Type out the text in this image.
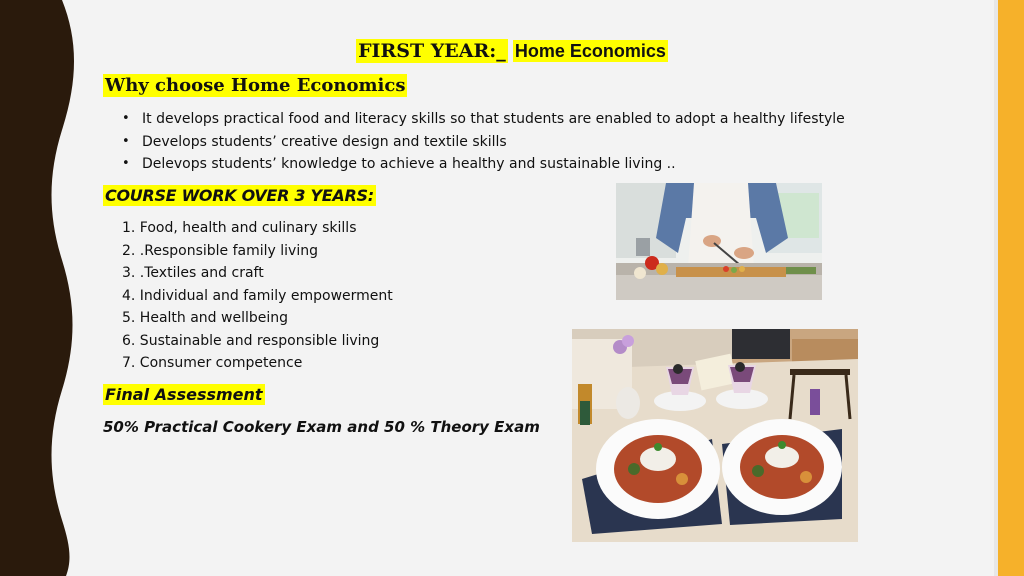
FIRST YEAR:_ Home Economics
Why choose Home Economics
• It develops practical food and literacy skills so that students are enabled to adopt a healthy lifestyle
• Develops students’ creative design and textile skills
• Delevops students’ knowledge to achieve a healthy and sustainable living ..
COURSE WORK OVER 3 YEARS:
1. Food, health and culinary skills
2. .Responsible family living
3. .Textiles and craft
4. Individual and family empowerment
5. Health and wellbeing
6. Sustainable and responsible living
7. Consumer competence
Final Assessment
50% Practical Cookery Exam and 50 % Theory Exam
